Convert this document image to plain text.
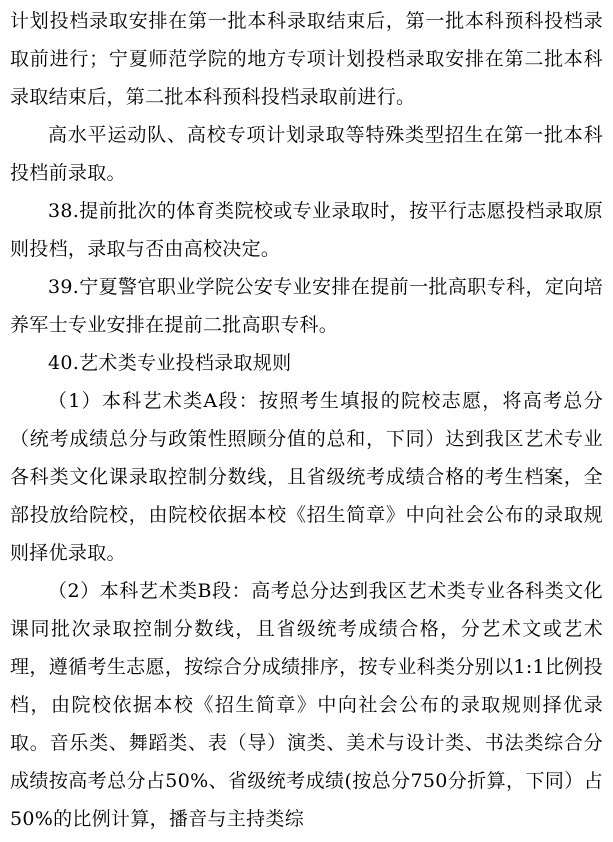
计划投档录取安排在第一批本科录取结束后，第一批本科预科投档录取前进行；宁夏师范学院的地方专项计划投档录取安排在第二批本科录取结束后，第二批本科预科投档录取前进行。

高水平运动队、高校专项计划录取等特殊类型招生在第一批本科投档前录取。

38.提前批次的体育类院校或专业录取时，按平行志愿投档录取原则投档，录取与否由高校决定。

39.宁夏警官职业学院公安专业安排在提前一批高职专科，定向培养军士专业安排在提前二批高职专科。

40.艺术类专业投档录取规则

（1）本科艺术类A段：按照考生填报的院校志愿，将高考总分（统考成绩总分与政策性照顾分值的总和，下同）达到我区艺术专业各科类文化课录取控制分数线，且省级统考成绩合格的考生档案，全部投放给院校，由院校依据本校《招生简章》中向社会公布的录取规则择优录取。

（2）本科艺术类B段：高考总分达到我区艺术类专业各科类文化课同批次录取控制分数线，且省级统考成绩合格，分艺术文或艺术理，遵循考生志愿，按综合分成绩排序，按专业科类分别以1:1比例投档，由院校依据本校《招生简章》中向社会公布的录取规则择优录取。音乐类、舞蹈类、表（导）演类、美术与设计类、书法类综合分成绩按高考总分占50%、省级统考成绩(按总分750分折算，下同）占50%的比例计算，播音与主持类综
